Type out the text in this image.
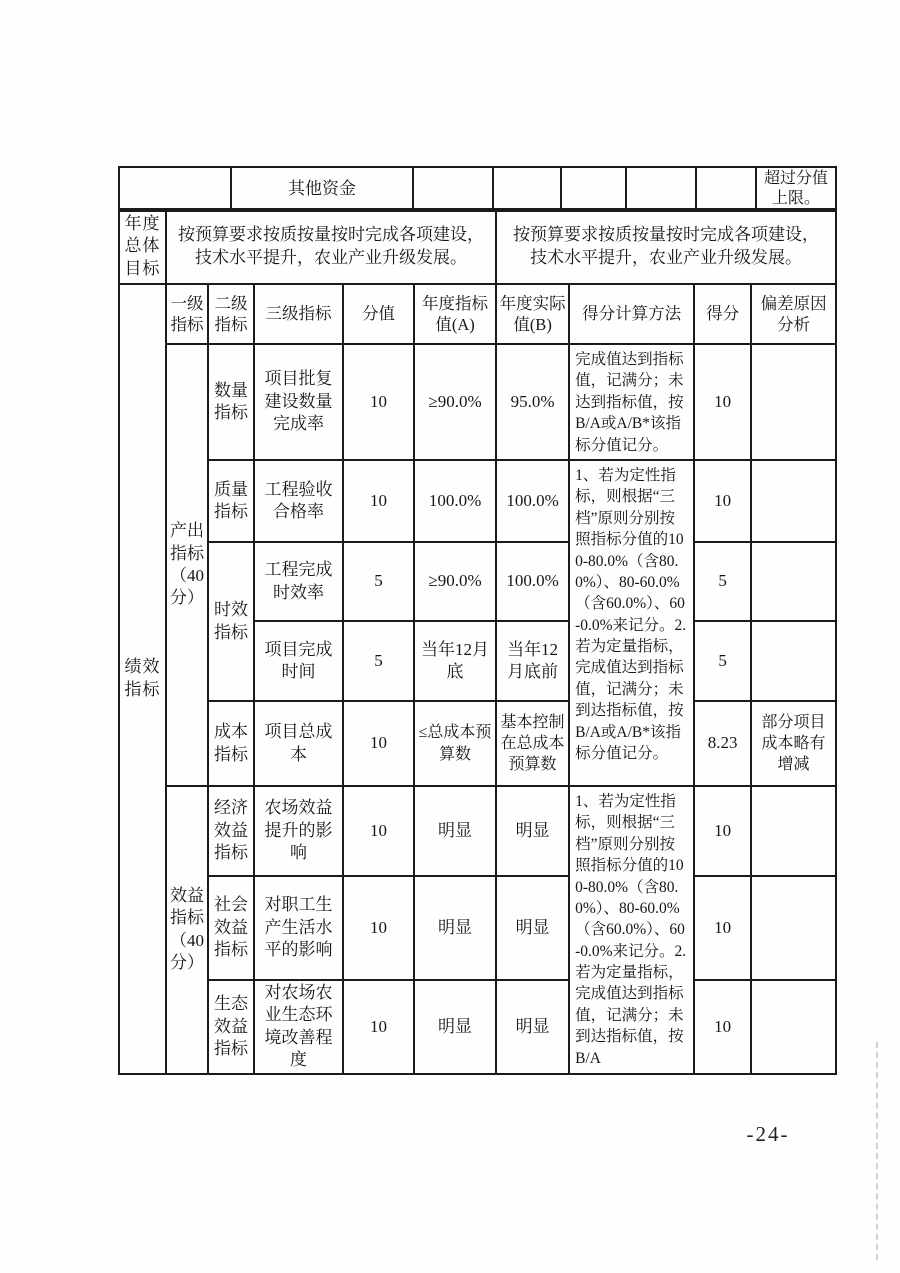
	其他资金						超过分值上限。
年度总体目标	按预算要求按质按量按时完成各项建设，技术水平提升，农业产业升级发展。					按预算要求按质按量按时完成各项建设，技术水平提升，农业产业升级发展。			
绩效指标	一级指标	二级指标	三级指标	分值	年度指标值(A)	年度实际值(B)	得分计算方法	得分	偏差原因分析
	产出指标（40分）	数量指标	项目批复建设数量完成率	10	≥90.0%	95.0%	完成值达到指标值，记满分；未达到指标值，按B/A或A/B*该指标分值记分。	10	
		质量指标	工程验收合格率	10	100.0%	100.0%	1、若为定性指标，则根据“三档”原则分别按照指标分值的100-80.0%（含80.0%）、80-60.0%（含60.0%）、60-0.0%来记分。2.若为定量指标，完成值达到指标值，记满分；未到达指标值，按B/A或A/B*该指标分值记分。	10	
		时效指标	工程完成时效率	5	≥90.0%	100.0%		5	
			项目完成时间	5	当年12月底	当年12月底前		5	
		成本指标	项目总成本	10	≤总成本预算数	基本控制在总成本预算数		8.23	部分项目成本略有增减
	效益指标（40分）	经济效益指标	农场效益提升的影响	10	明显	明显	1、若为定性指标，则根据“三档”原则分别按照指标分值的100-80.0%（含80.0%）、80-60.0%（含60.0%）、60-0.0%来记分。2.若为定量指标，完成值达到指标值，记满分；未到达指标值，按B/A	10	
		社会效益指标	对职工生产生活水平的影响	10	明显	明显		10	
		生态效益指标	对农场农业生态环境改善程度	10	明显	明显		10	
-24-
